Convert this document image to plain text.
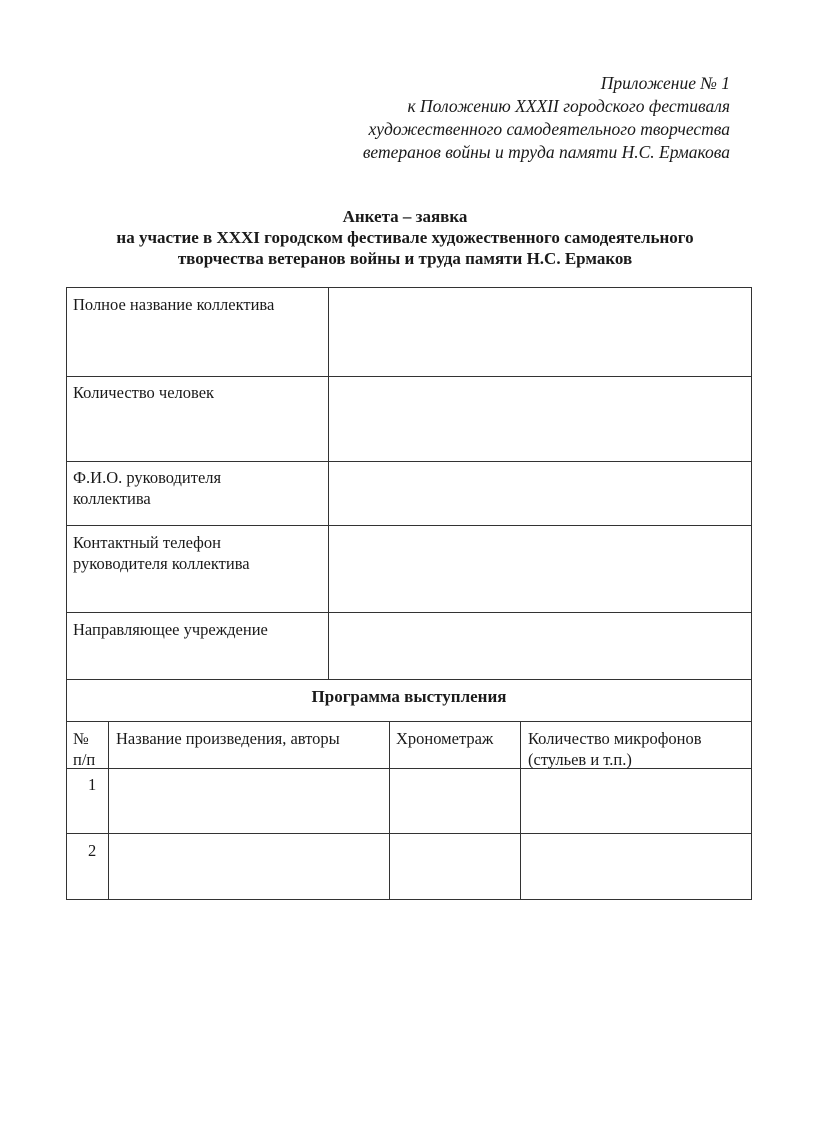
Приложение № 1
к Положению XXXII городского фестиваля
художественного самодеятельного творчества
ветеранов войны и труда памяти Н.С. Ермакова
Анкета – заявка
на участие в XXXI городском фестивале художественного самодеятельного
творчества ветеранов войны и труда памяти Н.С. Ермаков
Полное название коллектива
Количество человек
Ф.И.О. руководителя коллектива
Контактный телефон руководителя коллектива
Направляющее учреждение
Программа выступления
№ п/п
Название произведения, авторы	Хронометраж	Количество микрофонов (стульев и т.п.)
1
2
